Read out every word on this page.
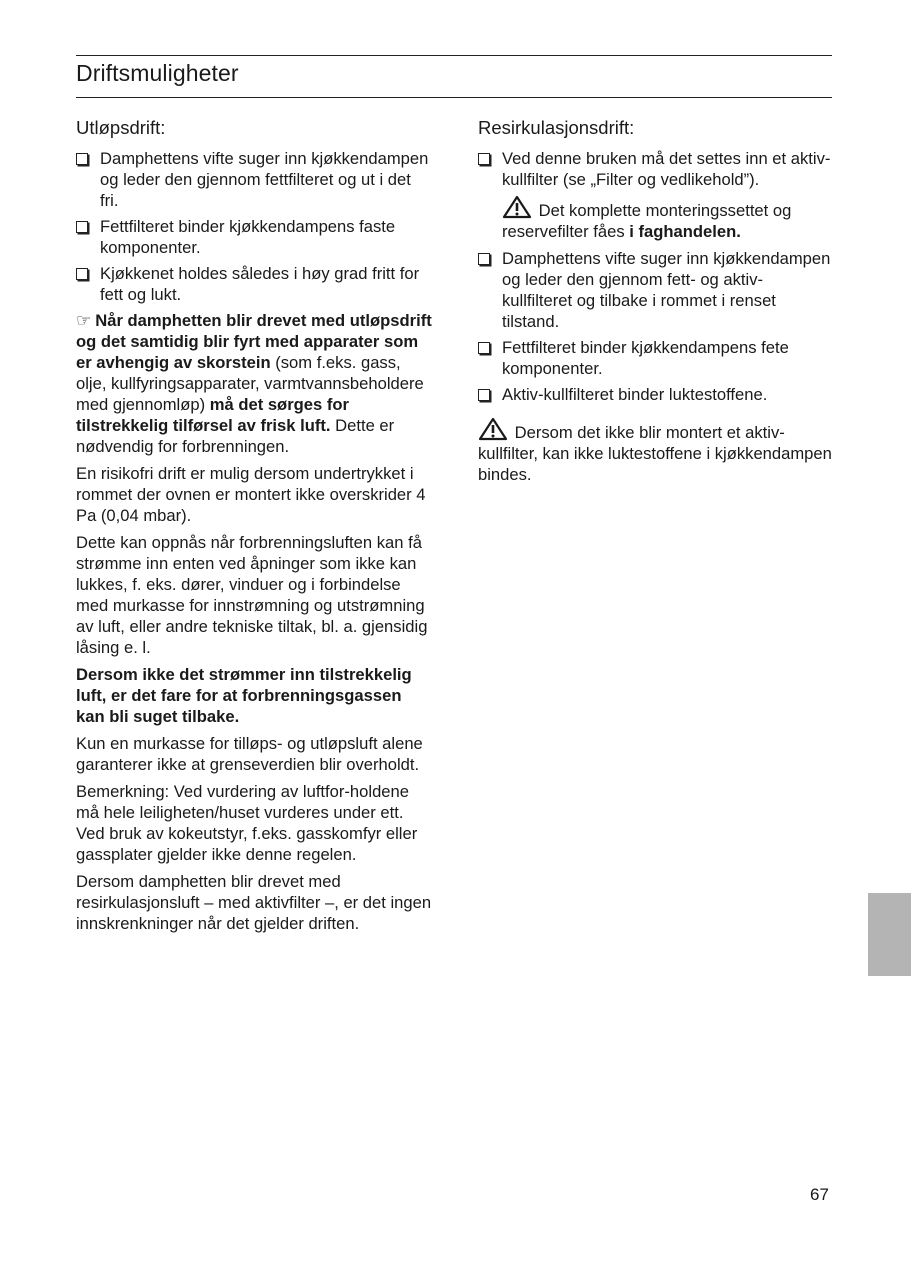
Driftsmuligheter
Utløpsdrift:
Damphettens vifte suger inn kjøkkendampen og leder den gjennom fettfilteret og ut i det fri.
Fettfilteret binder kjøkkendampens faste komponenter.
Kjøkkenet holdes således i høy grad fritt for fett og lukt.

☞ Når damphetten blir drevet med utløpsdrift og det samtidig blir fyrt med apparater som er avhengig av skorstein (som f.eks. gass, olje, kullfyringsapparater, varmtvannsbeholdere med gjennomløp) må det sørges for tilstrekkelig tilførsel av frisk luft. Dette er nødvendig for forbrenningen.

En risikofri drift er mulig dersom undertrykket i rommet der ovnen er montert ikke overskrider 4 Pa (0,04 mbar).

Dette kan oppnås når forbrenningsluften kan få strømme inn enten ved åpninger som ikke kan lukkes, f. eks. dører, vinduer og i forbindelse med murkasse for innstrømning og utstrømning av luft, eller andre tekniske tiltak, bl. a. gjensidig låsing e. l.

Dersom ikke det strømmer inn tilstrekkelig luft, er det fare for at forbrenningsgassen kan bli suget tilbake.

Kun en murkasse for tilløps- og utløpsluft alene garanterer ikke at grenseverdien blir overholdt.

Bemerkning: Ved vurdering av luftfor-holdene må hele leiligheten/huset vurderes under ett. Ved bruk av kokeutstyr, f.eks. gasskomfyr eller gassplater gjelder ikke denne regelen.

Dersom damphetten blir drevet med resirkulasjonsluft – med aktivfilter –, er det ingen innskrenkninger når det gjelder driften.

Resirkulasjonsdrift:
Ved denne bruken må det settes inn et aktiv-kullfilter (se „Filter og vedlikehold”).

Det komplette monteringssettet og reservefilter fåes i faghandelen.

Damphettens vifte suger inn kjøkkendampen og leder den gjennom fett- og aktiv-kullfilteret og tilbake i rommet i renset tilstand.
Fettfilteret binder kjøkkendampens fete komponenter.
Aktiv-kullfilteret binder luktestoffene.

Dersom det ikke blir montert et aktiv-kullfilter, kan ikke luktestoffene i kjøkkendampen bindes.

67
